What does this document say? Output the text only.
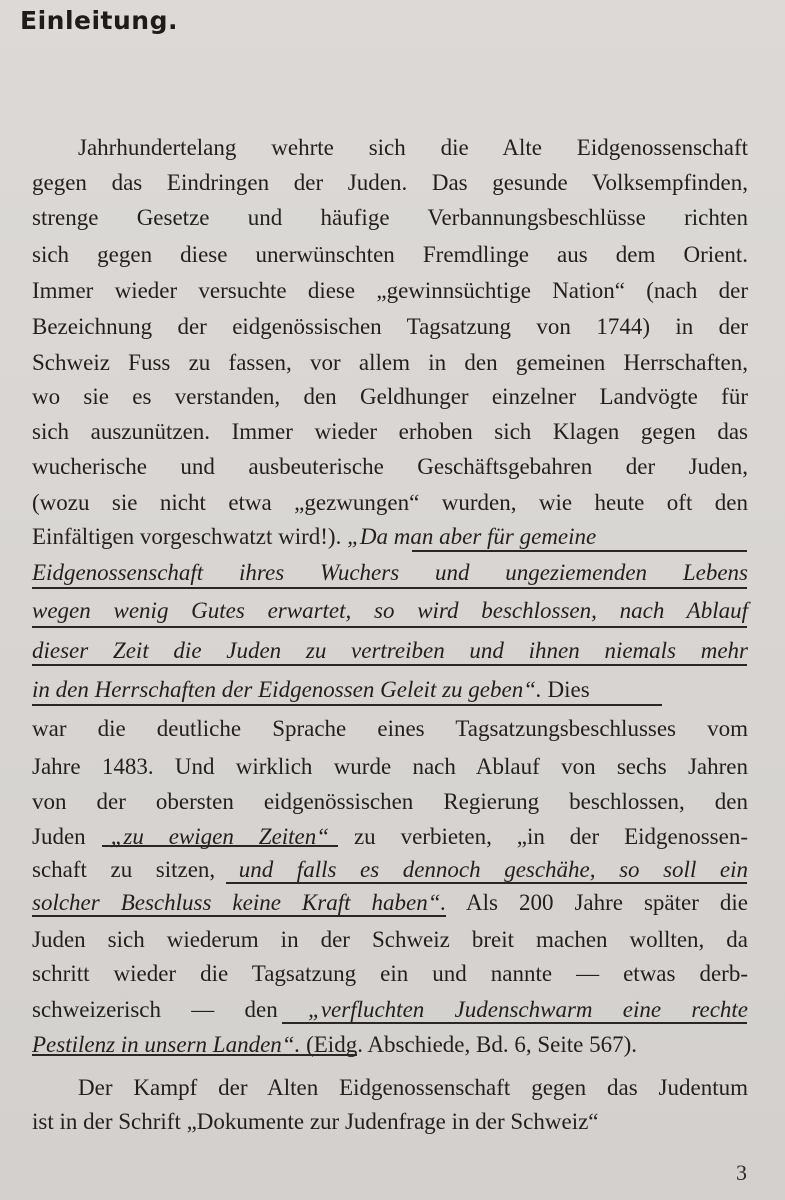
Einleitung.
Jahrhundertelang wehrte sich die Alte Eidgenossenschaft
gegen das Eindringen der Juden. Das gesunde Volksempfinden,
strenge Gesetze und häufige Verbannungsbeschlüsse richten
sich gegen diese unerwünschten Fremdlinge aus dem Orient.
Immer wieder versuchte diese „gewinnsüchtige Nation“ (nach der
Bezeichnung der eidgenössischen Tagsatzung von 1744) in der
Schweiz Fuss zu fassen, vor allem in den gemeinen Herrschaften,
wo sie es verstanden, den Geldhunger einzelner Landvögte für
sich auszunützen. Immer wieder erhoben sich Klagen gegen das
wucherische und ausbeuterische Geschäftsgebahren der Juden,
(wozu sie nicht etwa „gezwungen“ wurden, wie heute oft den
Einfältigen vorgeschwatzt wird!). „Da man aber für gemeine
Eidgenossenschaft ihres Wuchers und ungeziemenden Lebens
wegen wenig Gutes erwartet, so wird beschlossen, nach Ablauf
dieser Zeit die Juden zu vertreiben und ihnen niemals mehr
in den Herrschaften der Eidgenossen Geleit zu geben“. Dies
war die deutliche Sprache eines Tagsatzungsbeschlusses vom
Jahre 1483. Und wirklich wurde nach Ablauf von sechs Jahren
von der obersten eidgenössischen Regierung beschlossen, den
Juden „zu ewigen Zeiten“ zu verbieten, „in der Eidgenossen-
schaft zu sitzen, und falls es dennoch geschähe, so soll ein
solcher Beschluss keine Kraft haben“. Als 200 Jahre später die
Juden sich wiederum in der Schweiz breit machen wollten, da
schritt wieder die Tagsatzung ein und nannte — etwas derb-
schweizerisch — den „verfluchten Judenschwarm eine rechte
Pestilenz in unsern Landen“. (Eidg. Abschiede, Bd. 6, Seite 567).
Der Kampf der Alten Eidgenossenschaft gegen das Judentum
ist in der Schrift „Dokumente zur Judenfrage in der Schweiz“
3
